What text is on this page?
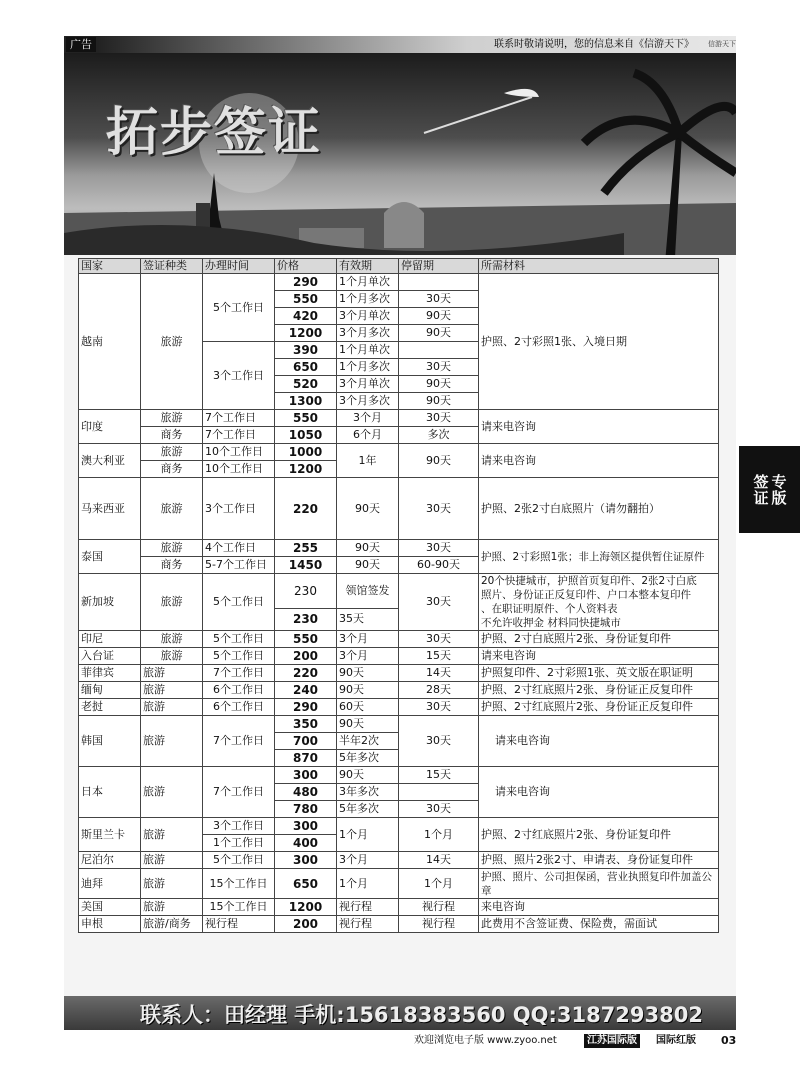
广告	联系时敬请说明，您的信息来自《信游天下》 信游天下
拓步签证
国家	签证种类	办理时间	价格	有效期	停留期	所需材料
越南	旅游	5个工作日	290	1个月单次		护照、2寸彩照1张、入境日期
			550	1个月多次	30天	
			420	3个月单次	90天	
			1200	3个月多次	90天	
		3个工作日	390	1个月单次		
			650	1个月多次	30天	
			520	3个月单次	90天	
			1300	3个月多次	90天	
印度	旅游	7个工作日	550	3个月	30天	请来电咨询
	商务	7个工作日	1050	6个月	多次	
澳大利亚	旅游	10个工作日	1000	1年	90天	请来电咨询
	商务	10个工作日	1200			
马来西亚	旅游	3个工作日	220	90天	30天	护照、2张2寸白底照片（请勿翻拍）
泰国	旅游	4个工作日	255	90天	30天	护照、2寸彩照1张；非上海领区提供暂住证原件
	商务	5-7个工作日	1450	90天	60-90天	
新加坡	旅游	5个工作日	230	领馆签发	30天	20个快捷城市，护照首页复印件、2张2寸白底
照片、身份证正反复印件、户口本整本复印件
、在职证明原件、个人资料表
不允许收押金 材料同快捷城市

			230	35天		
印尼	旅游	5个工作日	550	3个月	30天	护照、2寸白底照片2张、身份证复印件
入台证	旅游	5个工作日	200	3个月	15天	请来电咨询
菲律宾	旅游	7个工作日	220	90天	14天	护照复印件、2寸彩照1张、英文版在职证明
缅甸	旅游	6个工作日	240	90天	28天	护照、2寸红底照片2张、身份证正反复印件
老挝	旅游	6个工作日	290	60天	30天	护照、2寸红底照片2张、身份证正反复印件
韩国	旅游	7个工作日	350	90天	30天	请来电咨询
			700	半年2次		
			870	5年多次		
日本	旅游	7个工作日	300	90天	15天	请来电咨询
			480	3年多次		
			780	5年多次	30天	
斯里兰卡	旅游	3个工作日	300	1个月	1个月	护照、2寸红底照片2张、身份证复印件
		1个工作日	400			
尼泊尔	旅游	5个工作日	300	3个月	14天	护照、照片2张2寸、申请表、身份证复印件
迪拜	旅游	15个工作日	650	1个月	1个月	护照、照片、公司担保函，营业执照复印件加盖公章
美国	旅游	15个工作日	1200	视行程	视行程	来电咨询
申根	旅游/商务	视行程	200	视行程	视行程	此费用不含签证费、保险费，需面试
签证 专版
联系人：田经理 手机:15618383560 QQ:3187293802
欢迎浏览电子版 www.zyoo.net	江苏国际版	国际红版 03
